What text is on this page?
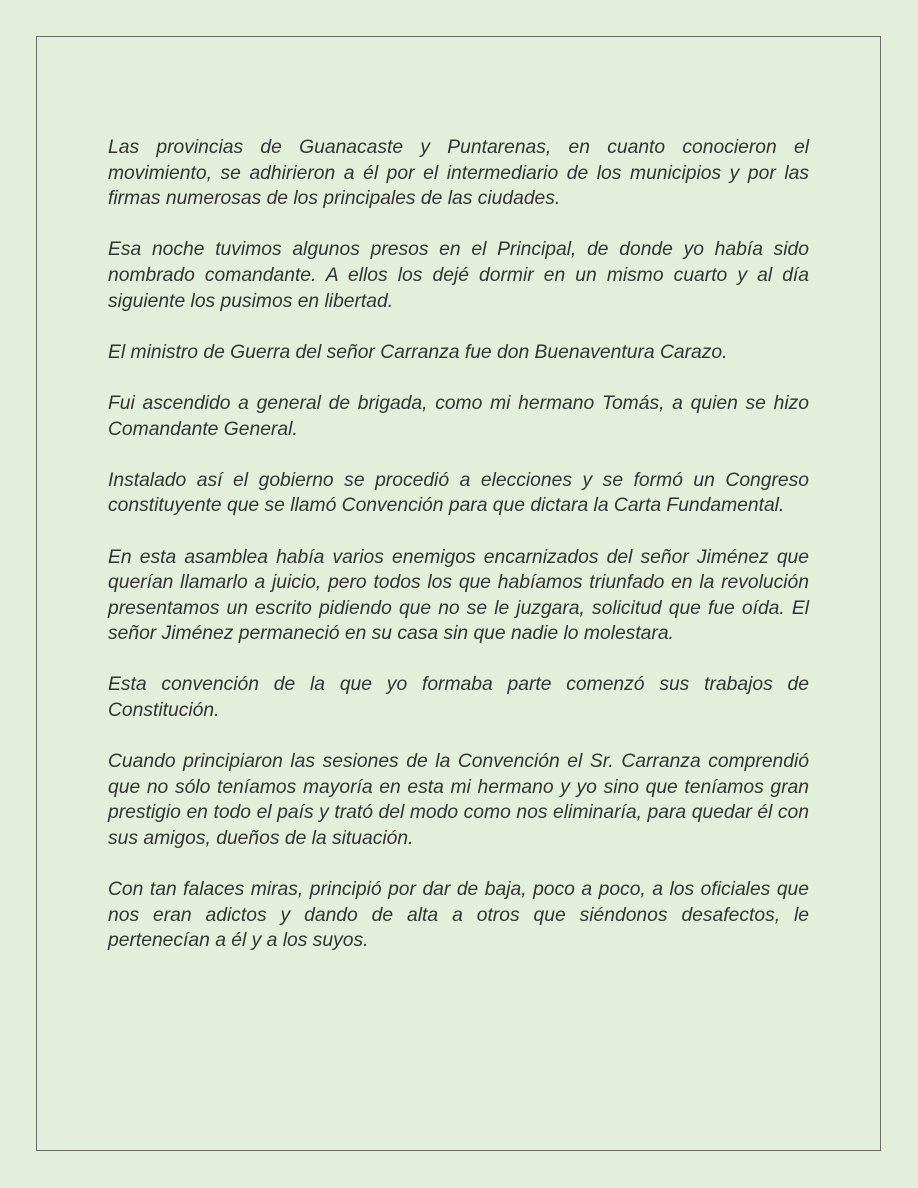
Las provincias de Guanacaste y Puntarenas, en cuanto conocieron el movimiento, se adhirieron a él por el intermediario de los municipios y por las firmas numerosas de los principales de las ciudades.

Esa noche tuvimos algunos presos en el Principal, de donde yo había sido nombrado comandante. A ellos los dejé dormir en un mismo cuarto y al día siguiente los pusimos en libertad.

El ministro de Guerra del señor Carranza fue don Buenaventura Carazo.

Fui ascendido a general de brigada, como mi hermano Tomás, a quien se hizo Comandante General.

Instalado así el gobierno se procedió a elecciones y se formó un Congreso constituyente que se llamó Convención para que dictara la Carta Fundamental.

En esta asamblea había varios enemigos encarnizados del señor Jiménez que querían llamarlo a juicio, pero todos los que habíamos triunfado en la revolución presentamos un escrito pidiendo que no se le juzgara, solicitud que fue oída. El señor Jiménez permaneció en su casa sin que nadie lo molestara.

Esta convención de la que yo formaba parte comenzó sus trabajos de Constitución.

Cuando principiaron las sesiones de la Convención el Sr. Carranza comprendió que no sólo teníamos mayoría en esta mi hermano y yo sino que teníamos gran prestigio en todo el país y trató del modo como nos eliminaría, para quedar él con sus amigos, dueños de la situación.

Con tan falaces miras, principió por dar de baja, poco a poco, a los oficiales que nos eran adictos y dando de alta a otros que siéndonos desafectos, le pertenecían a él y a los suyos.
